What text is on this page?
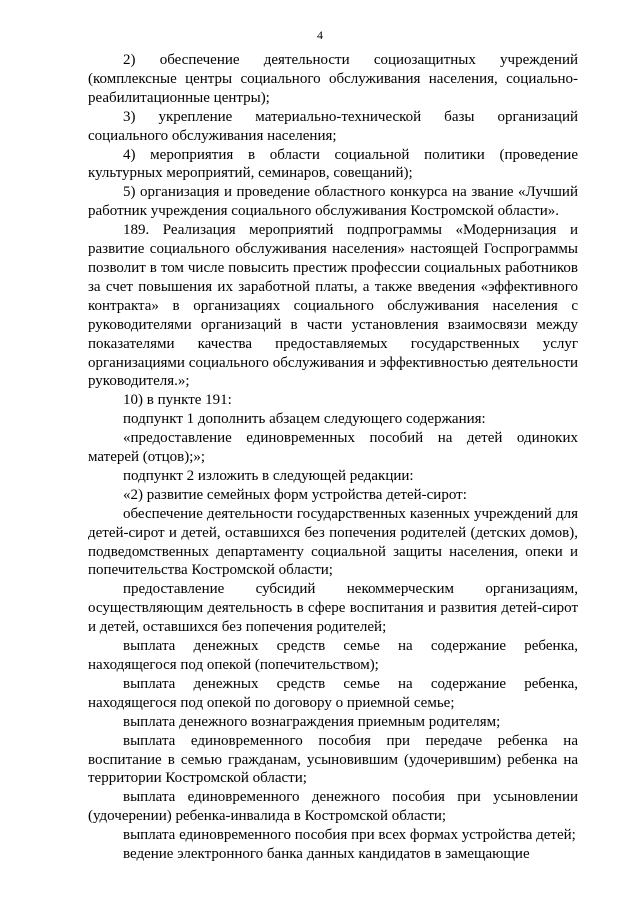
4

2) обеспечение деятельности социозащитных учреждений (комплексные центры социального обслуживания населения, социально-реабилитационные центры);

3) укрепление материально-технической базы организаций социального обслуживания населения;

4) мероприятия в области социальной политики (проведение культурных мероприятий, семинаров, совещаний);

5) организация и проведение областного конкурса на звание «Лучший работник учреждения социального обслуживания Костромской области».

189. Реализация мероприятий подпрограммы «Модернизация и развитие социального обслуживания населения» настоящей Госпрограммы позволит в том числе повысить престиж профессии социальных работников за счет повышения их заработной платы, а также введения «эффективного контракта» в организациях социального обслуживания населения с руководителями организаций в части установления взаимосвязи между показателями качества предоставляемых государственных услуг организациями социального обслуживания и эффективностью деятельности руководителя.»;

10) в пункте 191:

подпункт 1 дополнить абзацем следующего содержания:

«предоставление единовременных пособий на детей одиноких матерей (отцов);»;

подпункт 2 изложить в следующей редакции:

«2) развитие семейных форм устройства детей-сирот:

обеспечение деятельности государственных казенных учреждений для детей-сирот и детей, оставшихся без попечения родителей (детских домов), подведомственных департаменту социальной защиты населения, опеки и попечительства Костромской области;

предоставление субсидий некоммерческим организациям, осуществляющим деятельность в сфере воспитания и развития детей-сирот и детей, оставшихся без попечения родителей;

выплата денежных средств семье на содержание ребенка, находящегося под опекой (попечительством);

выплата денежных средств семье на содержание ребенка, находящегося под опекой по договору о приемной семье;

выплата денежного вознаграждения приемным родителям;

выплата единовременного пособия при передаче ребенка на воспитание в семью гражданам, усыновившим (удочерившим) ребенка на территории Костромской области;

выплата единовременного денежного пособия при усыновлении (удочерении) ребенка-инвалида в Костромской области;

выплата единовременного пособия при всех формах устройства детей;

ведение электронного банка данных кандидатов в замещающие
